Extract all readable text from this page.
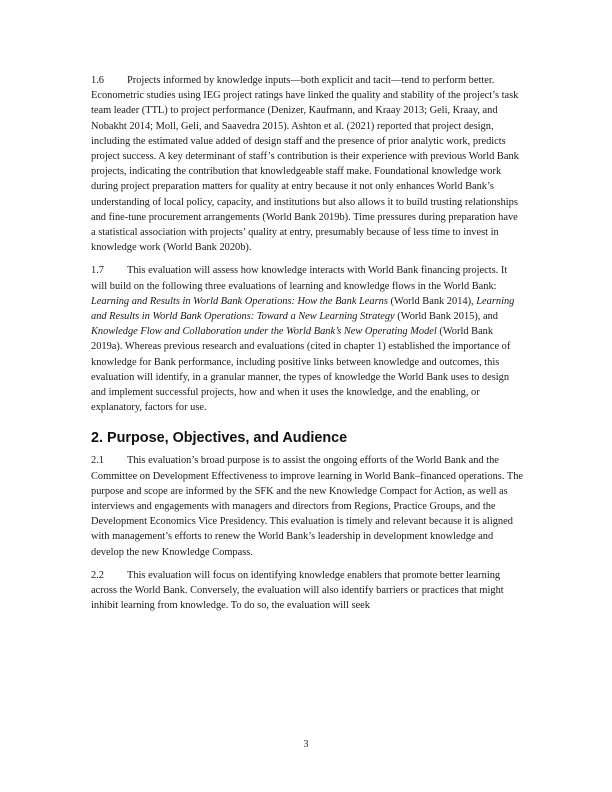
1.6 Projects informed by knowledge inputs—both explicit and tacit—tend to perform better. Econometric studies using IEG project ratings have linked the quality and stability of the project’s task team leader (TTL) to project performance (Denizer, Kaufmann, and Kraay 2013; Geli, Kraay, and Nobakht 2014; Moll, Geli, and Saavedra 2015). Ashton et al. (2021) reported that project design, including the estimated value added of design staff and the presence of prior analytic work, predicts project success. A key determinant of staff’s contribution is their experience with previous World Bank projects, indicating the contribution that knowledgeable staff make. Foundational knowledge work during project preparation matters for quality at entry because it not only enhances World Bank’s understanding of local policy, capacity, and institutions but also allows it to build trusting relationships and fine-tune procurement arrangements (World Bank 2019b). Time pressures during preparation have a statistical association with projects’ quality at entry, presumably because of less time to invest in knowledge work (World Bank 2020b).

1.7 This evaluation will assess how knowledge interacts with World Bank financing projects. It will build on the following three evaluations of learning and knowledge flows in the World Bank: Learning and Results in World Bank Operations: How the Bank Learns (World Bank 2014), Learning and Results in World Bank Operations: Toward a New Learning Strategy (World Bank 2015), and Knowledge Flow and Collaboration under the World Bank’s New Operating Model (World Bank 2019a). Whereas previous research and evaluations (cited in chapter 1) established the importance of knowledge for Bank performance, including positive links between knowledge and outcomes, this evaluation will identify, in a granular manner, the types of knowledge the World Bank uses to design and implement successful projects, how and when it uses the knowledge, and the enabling, or explanatory, factors for use.

2. Purpose, Objectives, and Audience

2.1 This evaluation’s broad purpose is to assist the ongoing efforts of the World Bank and the Committee on Development Effectiveness to improve learning in World Bank–financed operations. The purpose and scope are informed by the SFK and the new Knowledge Compact for Action, as well as interviews and engagements with managers and directors from Regions, Practice Groups, and the Development Economics Vice Presidency. This evaluation is timely and relevant because it is aligned with management’s efforts to renew the World Bank’s leadership in development knowledge and develop the new Knowledge Compass.

2.2 This evaluation will focus on identifying knowledge enablers that promote better learning across the World Bank. Conversely, the evaluation will also identify barriers or practices that might inhibit learning from knowledge. To do so, the evaluation will seek

3
